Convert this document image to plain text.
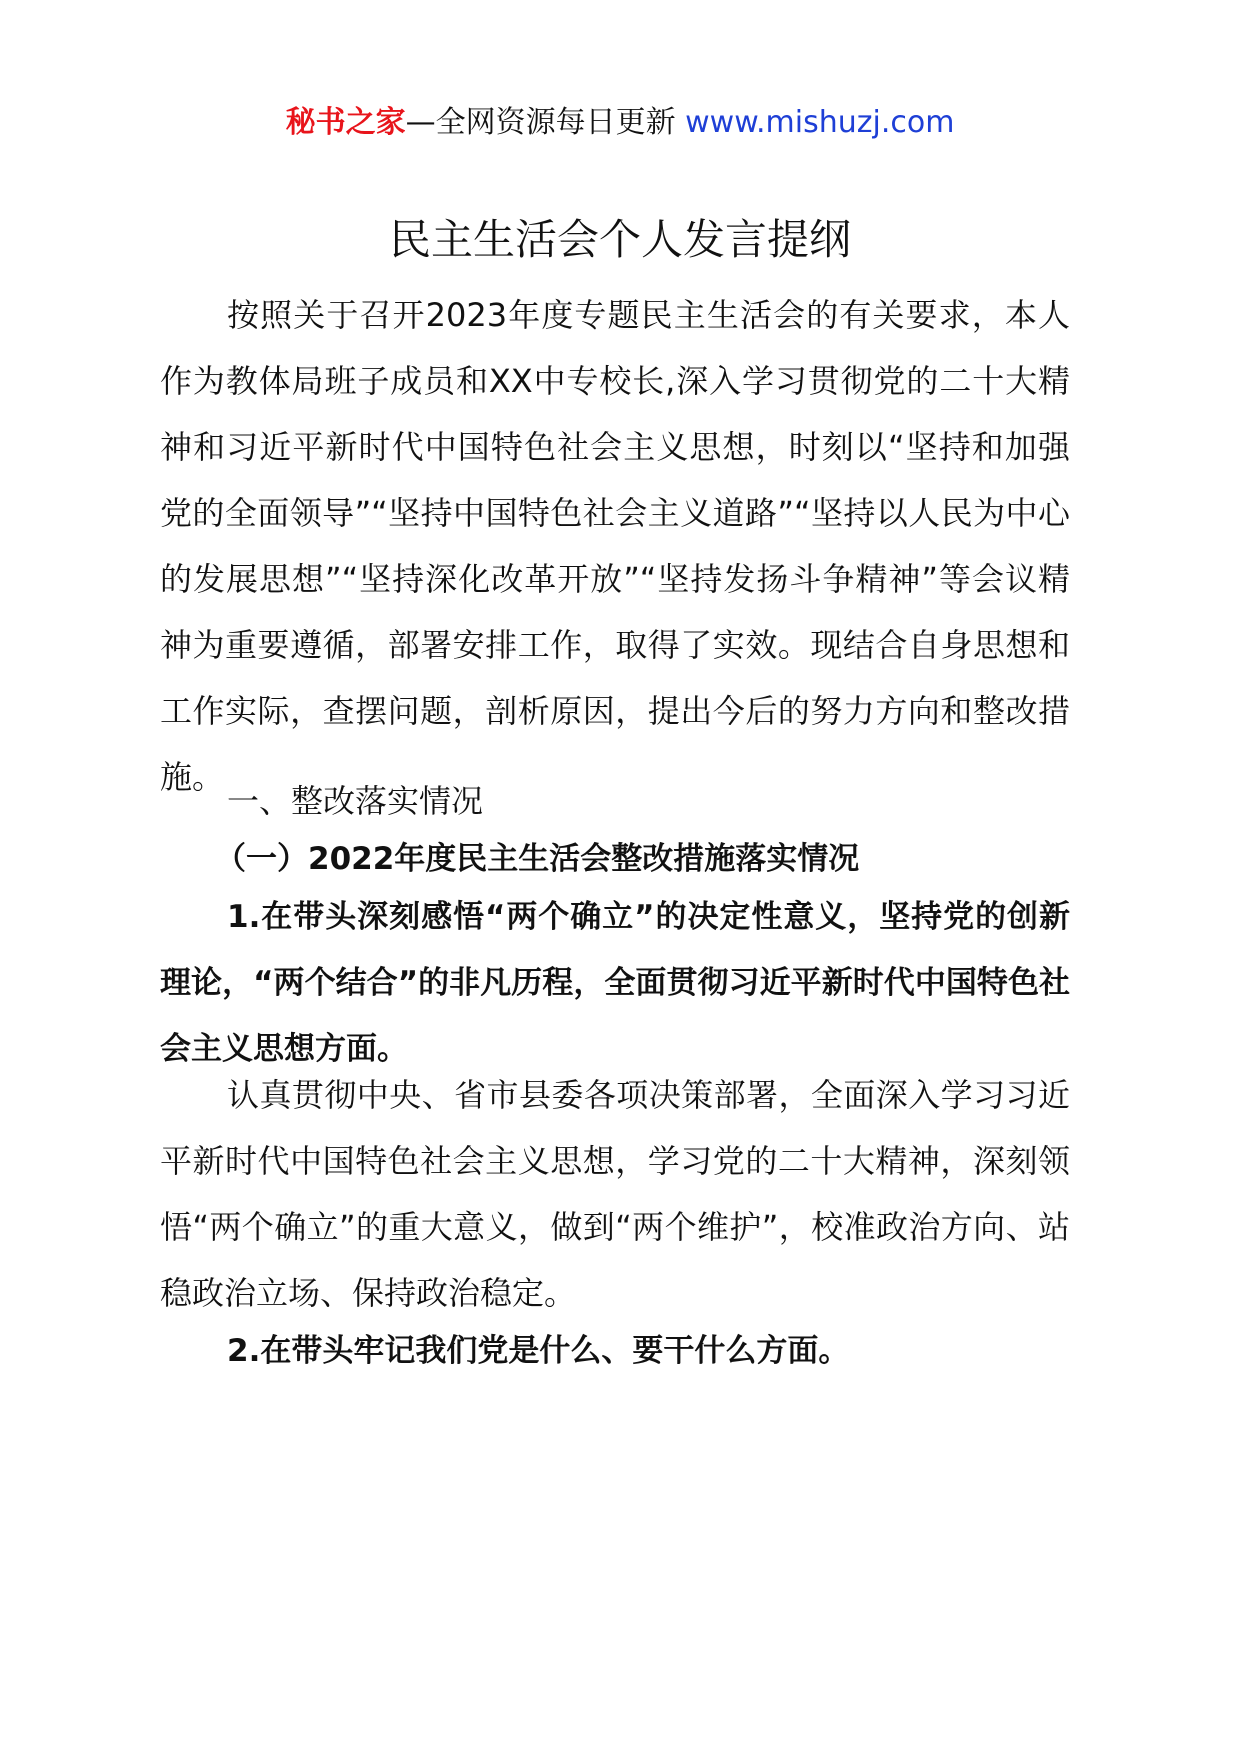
秘书之家—全网资源每日更新 www.mishuzj.com
民主生活会个人发言提纲

按照关于召开2023年度专题民主生活会的有关要求，本人作为教体局班子成员和XX中专校长,深入学习贯彻党的二十大精神和习近平新时代中国特色社会主义思想，时刻以“坚持和加强党的全面领导”“坚持中国特色社会主义道路”“坚持以人民为中心的发展思想”“坚持深化改革开放”“坚持发扬斗争精神”等会议精神为重要遵循，部署安排工作，取得了实效。现结合自身思想和工作实际，查摆问题，剖析原因，提出今后的努力方向和整改措施。

一、整改落实情况

（一）2022年度民主生活会整改措施落实情况

1.在带头深刻感悟“两个确立”的决定性意义，坚持党的创新理论，“两个结合”的非凡历程，全面贯彻习近平新时代中国特色社会主义思想方面。

认真贯彻中央、省市县委各项决策部署，全面深入学习习近平新时代中国特色社会主义思想，学习党的二十大精神，深刻领悟“两个确立”的重大意义，做到“两个维护”，校准政治方向、站稳政治立场、保持政治稳定。

2.在带头牢记我们党是什么、要干什么方面。
